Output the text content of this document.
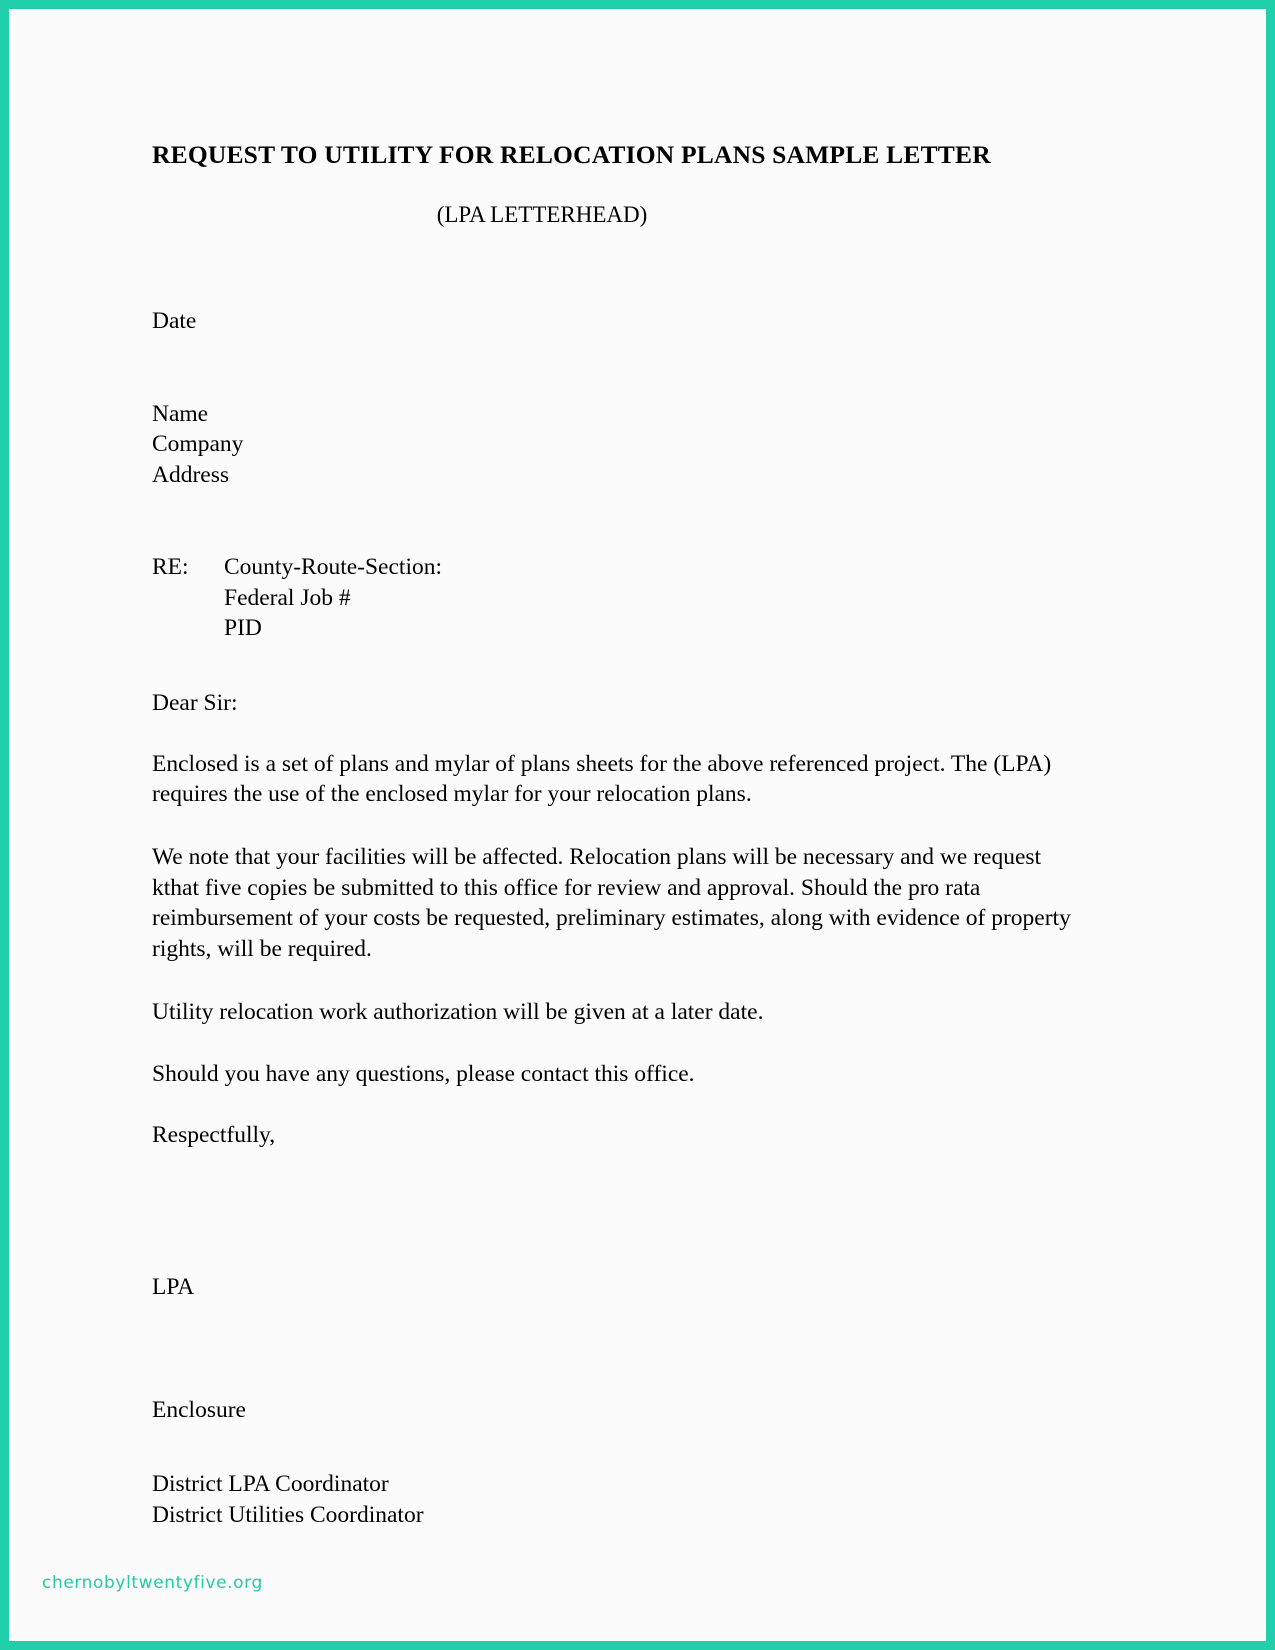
REQUEST TO UTILITY FOR RELOCATION PLANS SAMPLE LETTER
(LPA LETTERHEAD)
Date
Name
Company
Address
RE:	County-Route-Section:
Federal Job #
PID
Dear Sir:

Enclosed is a set of plans and mylar of plans sheets for the above referenced project. The (LPA) requires the use of the enclosed mylar for your relocation plans.

We note that your facilities will be affected. Relocation plans will be necessary and we request kthat five copies be submitted to this office for review and approval. Should the pro rata reimbursement of your costs be requested, preliminary estimates, along with evidence of property rights, will be required.

Utility relocation work authorization will be given at a later date.

Should you have any questions, please contact this office.

Respectfully,
LPA
Enclosure
District LPA Coordinator
District Utilities Coordinator
chernobyltwentyfive.org
